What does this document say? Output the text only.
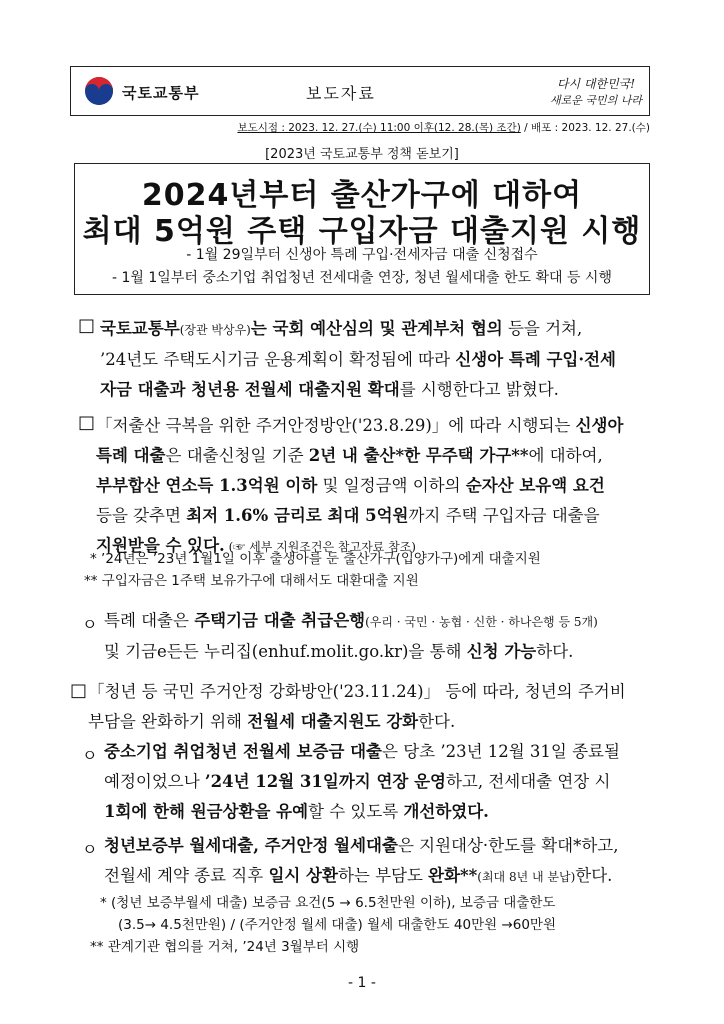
국토교통부	보도자료	다시 대한민국!
새로운 국민의 나라
보도시점 : 2023. 12. 27.(수) 11:00 이후(12. 28.(목) 조간) / 배포 : 2023. 12. 27.(수)
[2023년 국토교통부 정책 돋보기]
2024년부터 출산가구에 대하여
최대 5억원 주택 구입자금 대출지원 시행
- 1월 29일부터 신생아 특례 구입·전세자금 대출 신청접수
- 1월 1일부터 중소기업 취업청년 전세대출 연장, 청년 월세대출 한도 확대 등 시행
□ 국토교통부(장관 박상우)는 국회 예산심의 및 관계부처 협의 등을 거쳐,
’24년도 주택도시기금 운용계획이 확정됨에 따라 신생아 특례 구입·전세
자금 대출과 청년용 전월세 대출지원 확대를 시행한다고 밝혔다.
□ 「저출산 극복을 위한 주거안정방안('23.8.29)」에 따라 시행되는 신생아
특례 대출은 대출신청일 기준 2년 내 출산*한 무주택 가구**에 대하여,
부부합산 연소득 1.3억원 이하 및 일정금액 이하의 순자산 보유액 요건
등을 갖추면 최저 1.6% 금리로 최대 5억원까지 주택 구입자금 대출을
지원받을 수 있다. (☞ 세부 지원조건은 참고자료 참조)
* ’24년은 ’23년 1월1일 이후 출생아를 둔 출산가구(입양가구)에게 대출지원
** 구입자금은 1주택 보유가구에 대해서도 대환대출 지원
ㅇ 특례 대출은 주택기금 대출 취급은행(우리 · 국민 · 농협 · 신한 · 하나은행 등 5개)
및 기금e든든 누리집(enhuf.molit.go.kr)을 통해 신청 가능하다.
□ 「청년 등 국민 주거안정 강화방안('23.11.24)」 등에 따라, 청년의 주거비
부담을 완화하기 위해 전월세 대출지원도 강화한다.
ㅇ 중소기업 취업청년 전월세 보증금 대출은 당초 ’23년 12월 31일 종료될
예정이었으나 ’24년 12월 31일까지 연장 운영하고, 전세대출 연장 시
1회에 한해 원금상환을 유예할 수 있도록 개선하였다.
ㅇ 청년보증부 월세대출, 주거안정 월세대출은 지원대상·한도를 확대*하고,
전월세 계약 종료 직후 일시 상환하는 부담도 완화**(최대 8년 내 분납)한다.
* (청년 보증부월세 대출) 보증금 요건(5 → 6.5천만원 이하), 보증금 대출한도
(3.5→ 4.5천만원) / (주거안정 월세 대출) 월세 대출한도 40만원 →60만원
** 관계기관 협의를 거쳐, ’24년 3월부터 시행
- 1 -
